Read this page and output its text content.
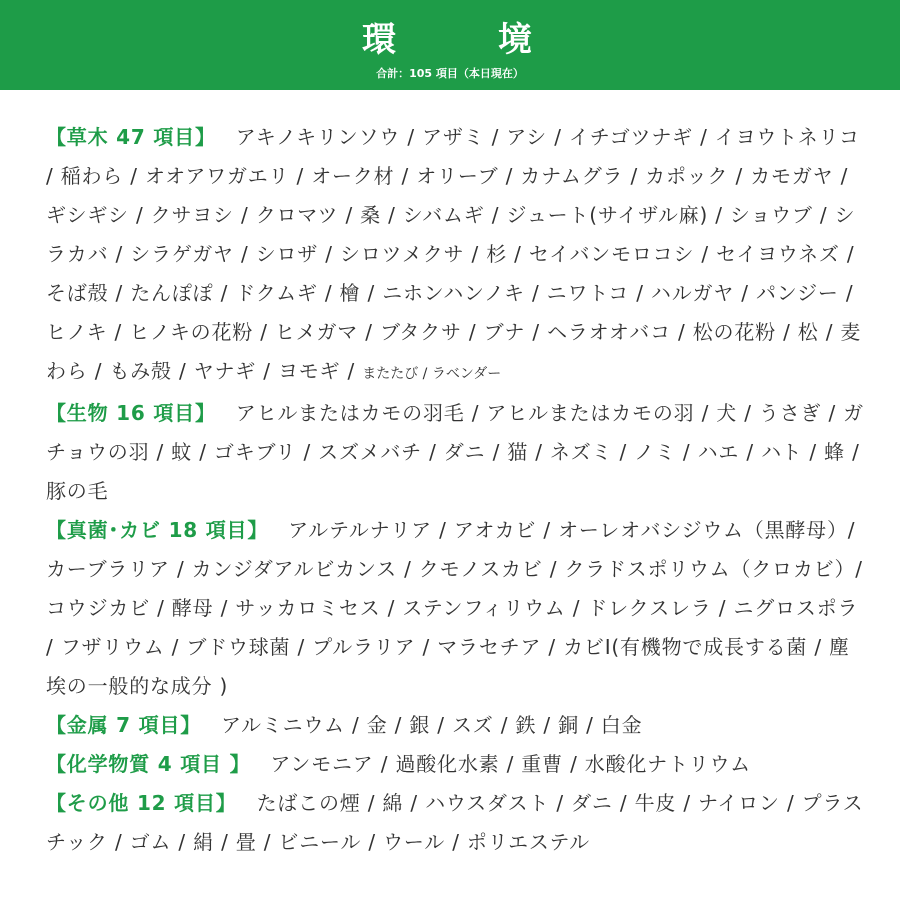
環	境
合計：105 項目（本日現在）

【草木 47 項目】 アキノキリンソウ / アザミ / アシ / イチゴツナギ / イヨウトネリコ / 稲わら / オオアワガエリ / オーク材 / オリーブ / カナムグラ / カポック / カモガヤ / ギシギシ / クサヨシ / クロマツ / 桑 / シバムギ / ジュート(サイザル麻) / ショウブ / シラカバ / シラゲガヤ / シロザ / シロツメクサ / 杉 / セイバンモロコシ / セイヨウネズ / そば殻 / たんぽぽ / ドクムギ / 檜 / ニホンハンノキ / ニワトコ / ハルガヤ / パンジー / ヒノキ / ヒノキの花粉 / ヒメガマ / ブタクサ / ブナ / ヘラオオバコ / 松の花粉 / 松 / 麦わら / もみ殻 / ヤナギ / ヨモギ / またたび / ラベンダー

【生物 16 項目】 アヒルまたはカモの羽毛 / アヒルまたはカモの羽 / 犬 / うさぎ / ガチョウの羽 / 蚊 / ゴキブリ / スズメバチ / ダニ / 猫 / ネズミ / ノミ / ハエ / ハト / 蜂 / 豚の毛

【真菌･カビ 18 項目】 アルテルナリア / アオカビ / オーレオバシジウム（黒酵母）/ カーブラリア / カンジダアルビカンス / クモノスカビ / クラドスポリウム（クロカビ）/ コウジカビ / 酵母 / サッカロミセス / ステンフィリウム / ドレクスレラ / ニグロスポラ / フザリウム / ブドウ球菌 / プルラリア / マラセチア / カビⅠ(有機物で成長する菌 / 塵埃の一般的な成分 )

【金属 7 項目】 アルミニウム / 金 / 銀 / スズ / 鉄 / 銅 / 白金

【化学物質 4 項目 】 アンモニア / 過酸化水素 / 重曹 / 水酸化ナトリウム

【その他 12 項目】 たばこの煙 / 綿 / ハウスダスト / ダニ / 牛皮 / ナイロン / プラスチック / ゴム / 絹 / 畳 / ビニール / ウール / ポリエステル
